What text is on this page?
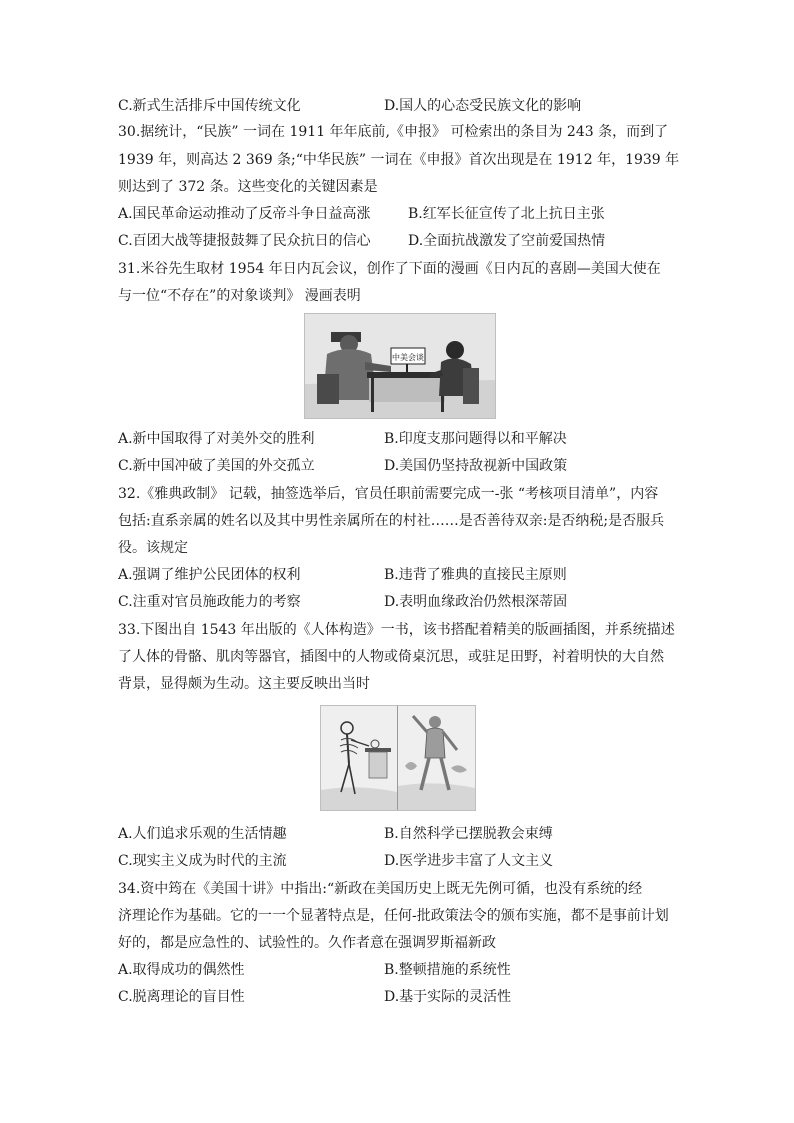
C.新式生活排斥中国传统文化	D.国人的心态受民族文化的影响
30.据统计，“民族” 一词在 1911 年年底前,《申报》 可检索出的条目为 243 条，而到了
1939 年，则高达 2 369 条;“中华民族” 一词在《申报》首次出现是在 1912 年，1939 年
则达到了 372 条。这些变化的关键因素是
A.国民革命运动推动了反帝斗争日益高涨	B.红军长征宣传了北上抗日主张
C.百团大战等捷报鼓舞了民众抗日的信心	D.全面抗战激发了空前爱国热情
31.米谷先生取材 1954 年日内瓦会议，创作了下面的漫画《日内瓦的喜剧—美国大使在
与一位“不存在”的对象谈判》 漫画表明
中美会谈
A.新中国取得了对美外交的胜利	B.印度支那问题得以和平解决
C.新中国冲破了美国的外交孤立	D.美国仍坚持敌视新中国政策
32.《雅典政制》 记载，抽签选举后，官员任职前需要完成一-张 “考核项目清单”，内容
包括:直系亲属的姓名以及其中男性亲属所在的村社……是否善待双亲:是否纳税;是否服兵
役。该规定
A.强调了维护公民团体的权利	B.违背了雅典的直接民主原则
C.注重对官员施政能力的考察	D.表明血缘政治仍然根深蒂固
33.下图出自 1543 年出版的《人体构造》一书，该书搭配着精美的版画插图，并系统描述
了人体的骨骼、肌肉等器官，插图中的人物或倚桌沉思，或驻足田野，衬着明快的大自然
背景，显得颇为生动。这主要反映出当时
A.人们追求乐观的生活情趣	B.自然科学已摆脱教会束缚
C.现实主义成为时代的主流	D.医学进步丰富了人文主义
34.资中筠在《美国十讲》中指出:“新政在美国历史上既无先例可循，也没有系统的经
济理论作为基础。它的一一个显著特点是，任何-批政策法令的颁布实施，都不是事前计划
好的，都是应急性的、试验性的。久作者意在强调罗斯福新政
A.取得成功的偶然性	B.整顿措施的系统性
C.脱离理论的盲目性	D.基于实际的灵活性
